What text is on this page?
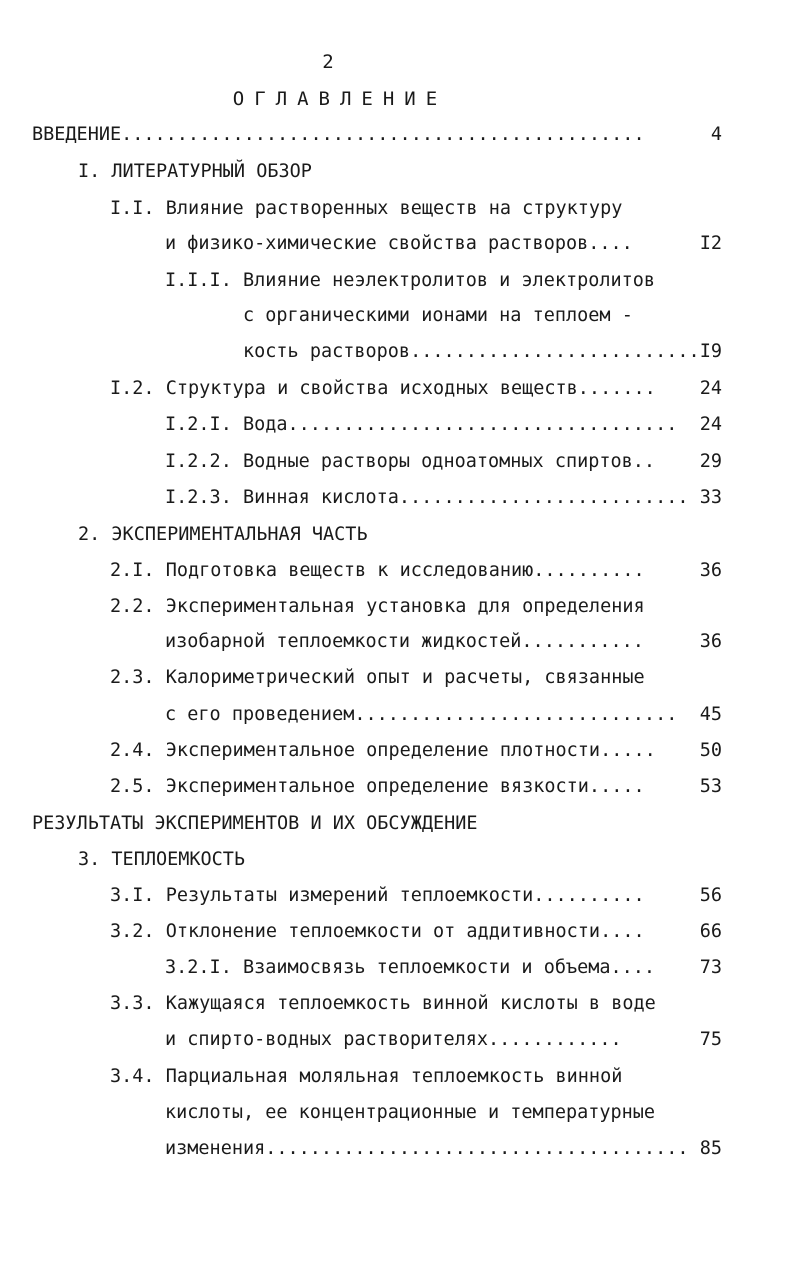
2
ОГЛАВЛЕНИЕ
ВВЕДЕНИЕ...............................................	4
I. ЛИТЕРАТУРНЫЙ ОБЗОР
I.I. Влияние растворенных веществ на структуру
и физико-химические свойства растворов....	I2
I.I.I. Влияние неэлектролитов и электролитов
с органическими ионами на теплоем -
кость растворов.......................... I9
I.2. Структура и свойства исходных веществ.......	24
I.2.I. Вода...................................	24
I.2.2. Водные растворы одноатомных спиртов..	29
I.2.3. Винная кислота.......................... 33
2. ЭКСПЕРИМЕНТАЛЬНАЯ ЧАСТЬ
2.I. Подготовка веществ к исследованию..........	36
2.2. Экспериментальная установка для определения
изобарной теплоемкости жидкостей...........	36
2.3. Калориметрический опыт и расчеты, связанные
с его проведением.............................	45
2.4. Экспериментальное определение плотности.....	50
2.5. Экспериментальное определение вязкости.....	53
РЕЗУЛЬТАТЫ ЭКСПЕРИМЕНТОВ И ИХ ОБСУЖДЕНИЕ
3. ТЕПЛОЕМКОСТЬ
3.I. Результаты измерений теплоемкости..........	56
3.2. Отклонение теплоемкости от аддитивности....	66
3.2.I. Взаимосвязь теплоемкости и объема....	73
3.3. Кажущаяся теплоемкость винной кислоты в воде
и спирто-водных растворителях............	75
3.4. Парциальная моляльная теплоемкость винной
кислоты, ее концентрационные и температурные
изменения...................................... 85
